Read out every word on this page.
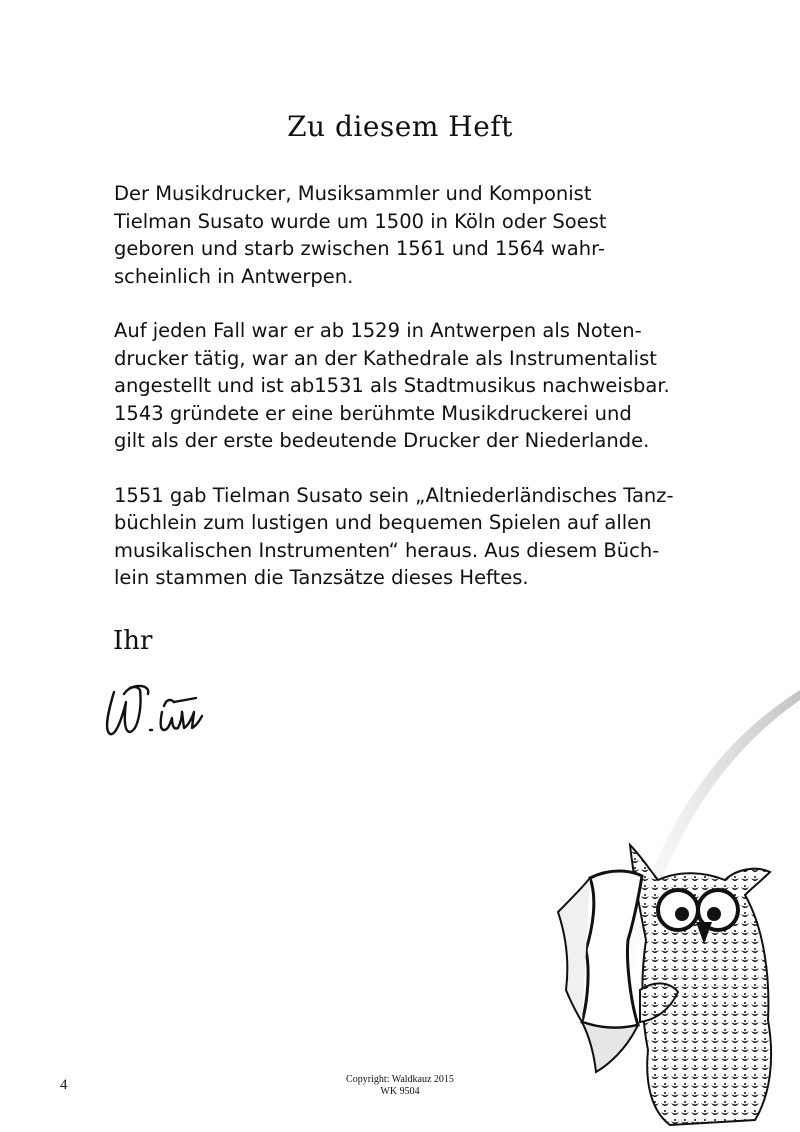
Zu diesem Heft

Der Musikdrucker, Musiksammler und Komponist
Tielman Susato wurde um 1500 in Köln oder Soest
geboren und starb zwischen 1561 und 1564 wahr-
scheinlich in Antwerpen.

Auf jeden Fall war er ab 1529 in Antwerpen als Noten-
drucker tätig, war an der Kathedrale als Instrumentalist
angestellt und ist ab1531 als Stadtmusikus nachweisbar.
1543 gründete er eine berühmte Musikdruckerei und
gilt als der erste bedeutende Drucker der Niederlande.

1551 gab Tielman Susato sein „Altniederländisches Tanz-
büchlein zum lustigen und bequemen Spielen auf allen
musikalischen Instrumenten“ heraus. Aus diesem Büch-
lein stammen die Tanzsätze dieses Heftes.

Ihr

4	Copyright: Waldkauz 2015
WK 9504
